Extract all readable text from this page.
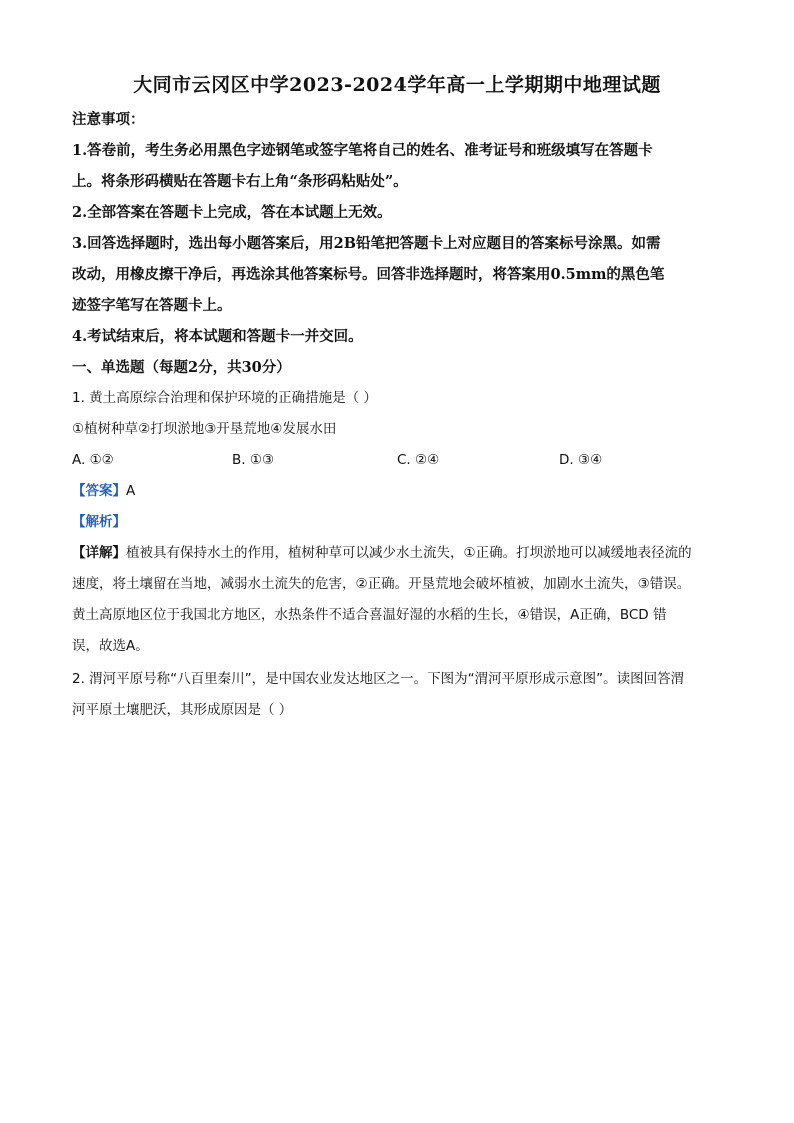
大同市云冈区中学2023-2024学年高一上学期期中地理试题
注意事项：
1.答卷前，考生务必用黑色字迹钢笔或签字笔将自己的姓名、准考证号和班级填写在答题卡
上。将条形码横贴在答题卡右上角“条形码粘贴处”。
2.全部答案在答题卡上完成，答在本试题上无效。
3.回答选择题时，选出每小题答案后，用2B铅笔把答题卡上对应题目的答案标号涂黑。如需
改动，用橡皮擦干净后，再选涂其他答案标号。回答非选择题时，将答案用0.5mm的黑色笔
迹签字笔写在答题卡上。
4.考试结束后，将本试题和答题卡一并交回。
一、单选题（每题2分，共30分）
1. 黄土高原综合治理和保护环境的正确措施是（ ）
①植树种草②打坝淤地③开垦荒地④发展水田
A. ①②	B. ①③	C. ②④	D. ③④
【答案】A
【解析】
【详解】植被具有保持水土的作用，植树种草可以减少水土流失，①正确。打坝淤地可以减缓地表径流的
速度，将土壤留在当地，减弱水土流失的危害，②正确。开垦荒地会破坏植被，加剧水土流失，③错误。
黄土高原地区位于我国北方地区，水热条件不适合喜温好湿的水稻的生长，④错误，A正确，BCD 错
误，故选A。
2. 渭河平原号称“八百里秦川”，是中国农业发达地区之一。下图为“渭河平原形成示意图”。读图回答渭
河平原土壤肥沃，其形成原因是（ ）
